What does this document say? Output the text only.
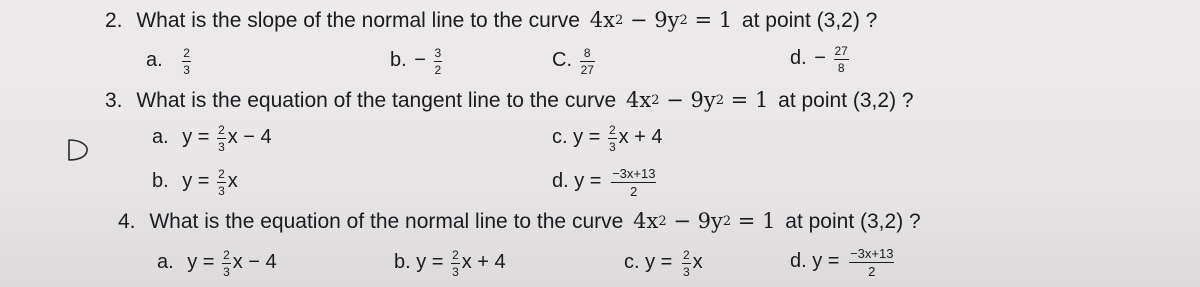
2. What is the slope of the normal line to the curve $4x^2 - 9y^2 = 1$ at point (3,2) ?
a. $\frac{2}{3}$	b. − $\frac{3}{2}$	C. $\frac{8}{27}$	d. − $\frac{27}{8}$
3. What is the equation of the tangent line to the curve $4x^2 - 9y^2 = 1$ at point (3,2) ?
a. $y = \frac{2}{3}$ x − 4	c. $y = \frac{2}{3}$ x + 4
b. $y = \frac{2}{3}$ x	d. $y = \frac{-3x+13}{2}$
4. What is the equation of the normal line to the curve $4x^2 - 9y^2 = 1$ at point (3,2) ?
a. $y = \frac{2}{3}$ x − 4	b. $y = \frac{2}{3}$ x + 4	c. $y = \frac{2}{3}$ x	d. $y = \frac{-3x+13}{2}$
